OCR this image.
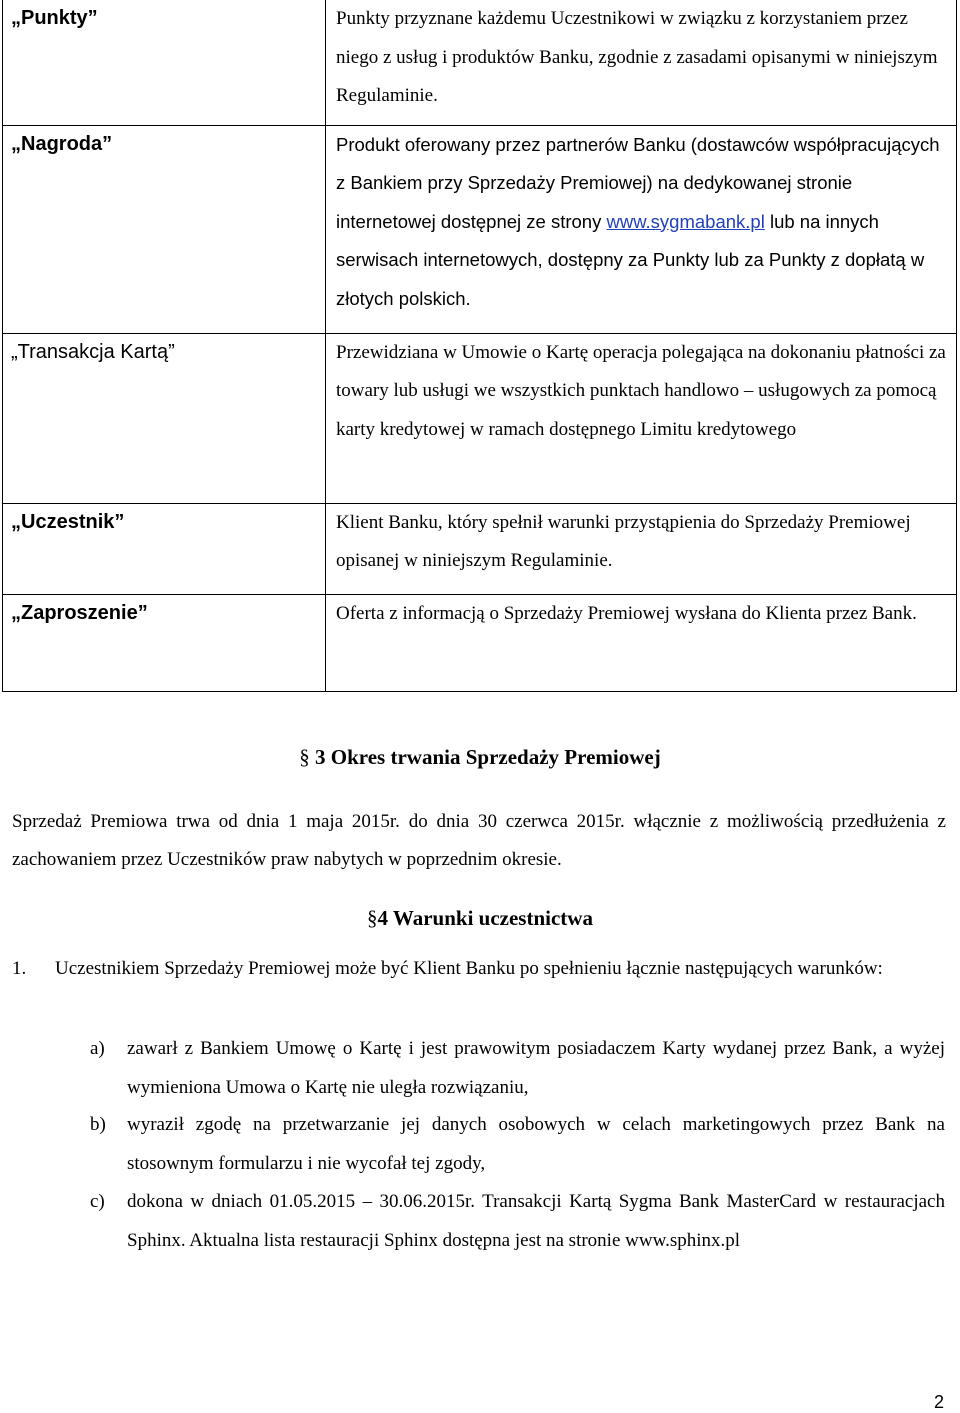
„Punkty”	Punkty przyznane każdemu Uczestnikowi w związku z korzystaniem przez niego z usług i produktów Banku, zgodnie z zasadami opisanymi w niniejszym Regulaminie.
„Nagroda”	Produkt oferowany przez partnerów Banku (dostawców współpracujących z Bankiem przy Sprzedaży Premiowej) na dedykowanej stronie internetowej dostępnej ze strony www.sygmabank.pl lub na innych serwisach internetowych, dostępny za Punkty lub za Punkty z dopłatą w złotych polskich.
„Transakcja Kartą”	Przewidziana w Umowie o Kartę operacja polegająca na dokonaniu płatności za towary lub usługi we wszystkich punktach handlowo – usługowych za pomocą karty kredytowej w ramach dostępnego Limitu kredytowego
„Uczestnik”	Klient Banku, który spełnił warunki przystąpienia do Sprzedaży Premiowej opisanej w niniejszym Regulaminie.
„Zaproszenie”	Oferta z informacją o Sprzedaży Premiowej wysłana do Klienta przez Bank.
§ 3 Okres trwania Sprzedaży Premiowej

Sprzedaż Premiowa trwa od dnia 1 maja 2015r. do dnia 30 czerwca 2015r. włącznie z możliwością przedłużenia z zachowaniem przez Uczestników praw nabytych w poprzednim okresie.

§4 Warunki uczestnictwa
1. Uczestnikiem Sprzedaży Premiowej może być Klient Banku po spełnieniu łącznie następujących warunków:
a) zawarł z Bankiem Umowę o Kartę i jest prawowitym posiadaczem Karty wydanej przez Bank, a wyżej wymieniona Umowa o Kartę nie uległa rozwiązaniu,
b) wyraził zgodę na przetwarzanie jej danych osobowych w celach marketingowych przez Bank na stosownym formularzu i nie wycofał tej zgody,
c) dokona w dniach 01.05.2015 – 30.06.2015r. Transakcji Kartą Sygma Bank MasterCard w restauracjach Sphinx. Aktualna lista restauracji Sphinx dostępna jest na stronie www.sphinx.pl
2
